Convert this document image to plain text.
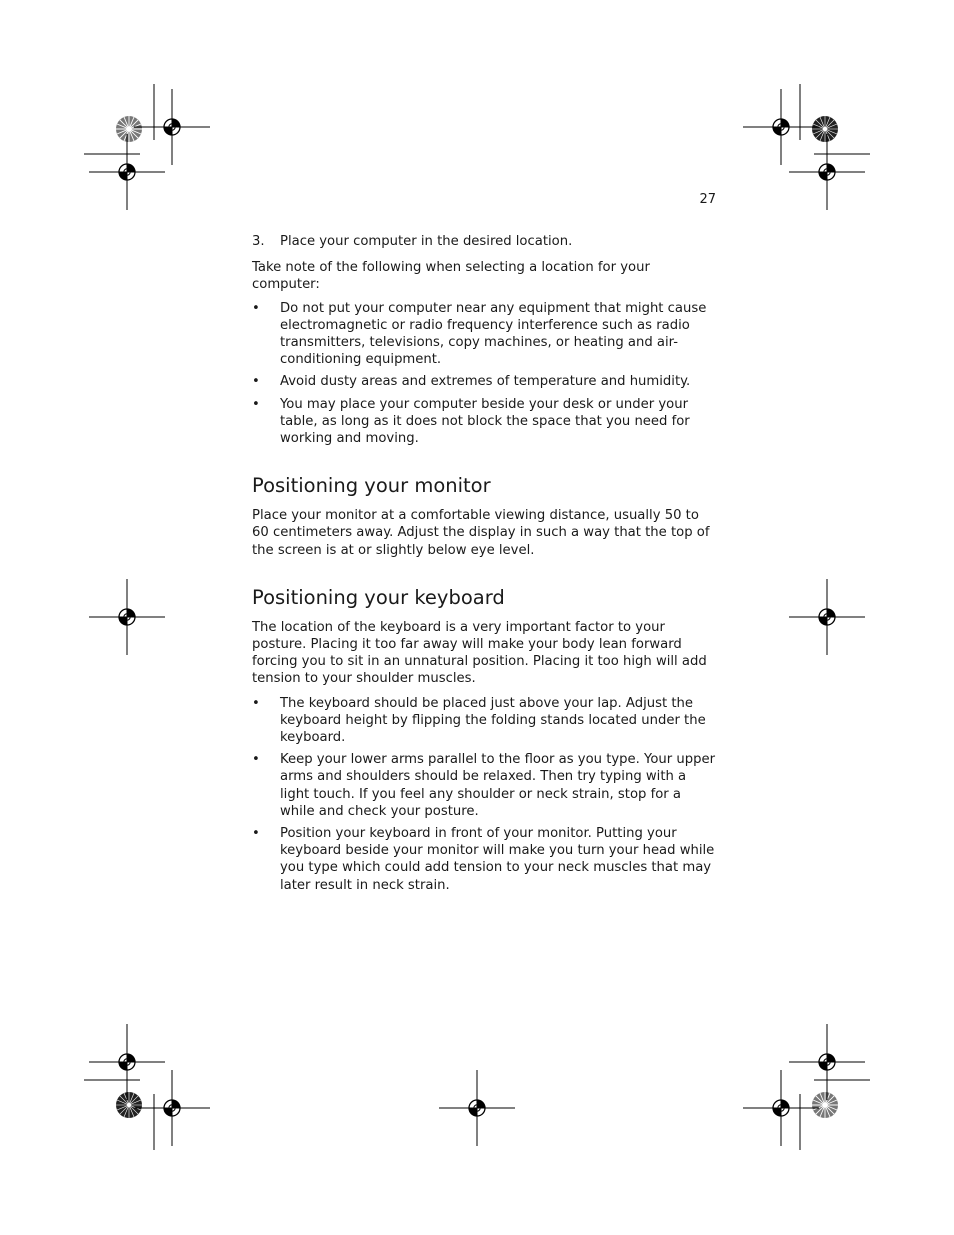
27
3. Place your computer in the desired location.

Take note of the following when selecting a location for your computer:

• Do not put your computer near any equipment that might cause electromagnetic or radio frequency interference such as radio transmitters, televisions, copy machines, or heating and air-conditioning equipment.
• Avoid dusty areas and extremes of temperature and humidity.
• You may place your computer beside your desk or under your table, as long as it does not block the space that you need for working and moving.
Positioning your monitor

Place your monitor at a comfortable viewing distance, usually 50 to 60 centimeters away. Adjust the display in such a way that the top of the screen is at or slightly below eye level.

Positioning your keyboard

The location of the keyboard is a very important factor to your posture. Placing it too far away will make your body lean forward forcing you to sit in an unnatural position. Placing it too high will add tension to your shoulder muscles.

• The keyboard should be placed just above your lap. Adjust the keyboard height by flipping the folding stands located under the keyboard.
• Keep your lower arms parallel to the floor as you type. Your upper arms and shoulders should be relaxed. Then try typing with a light touch. If you feel any shoulder or neck strain, stop for a while and check your posture.
• Position your keyboard in front of your monitor. Putting your keyboard beside your monitor will make you turn your head while you type which could add tension to your neck muscles that may later result in neck strain.
